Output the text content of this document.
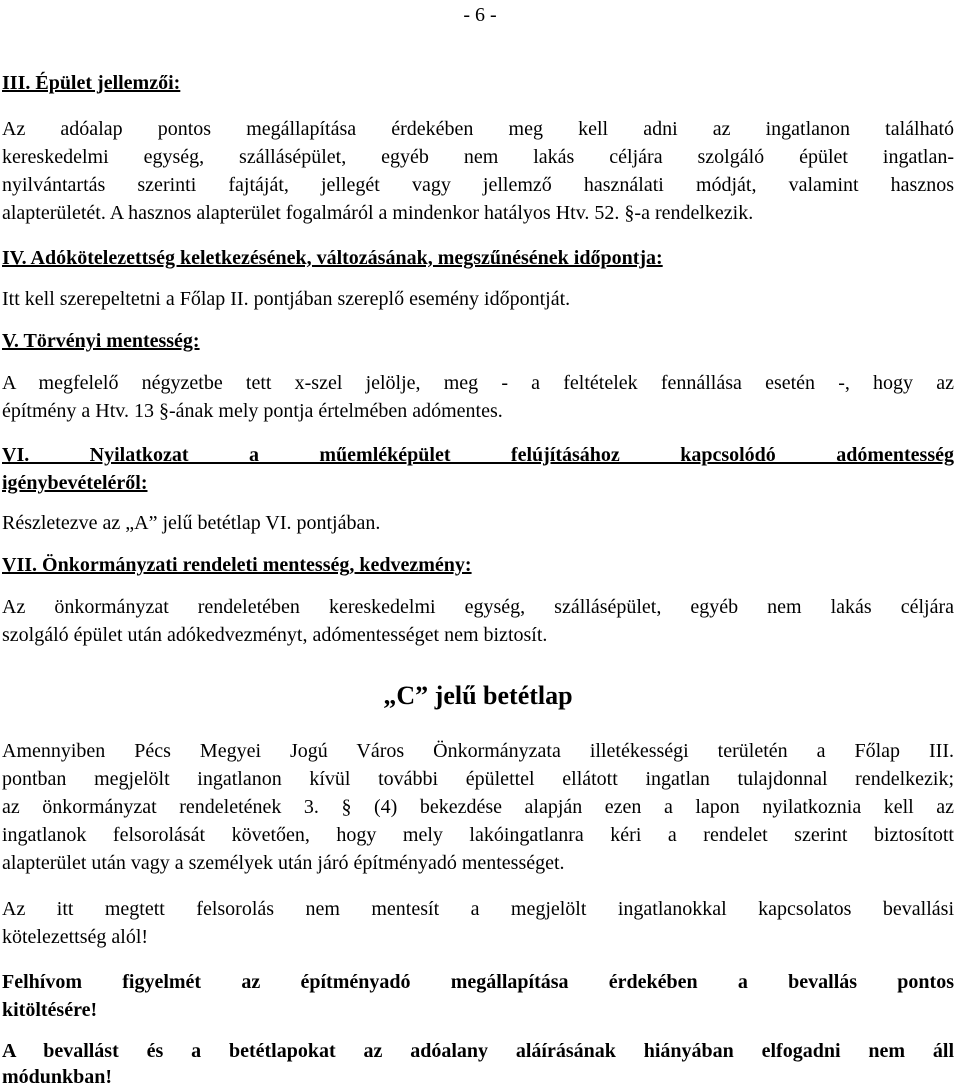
- 6 -
III. Épület jellemzői:
Az adóalap pontos megállapítása érdekében meg kell adni az ingatlanon található
kereskedelmi egység, szállásépület, egyéb nem lakás céljára szolgáló épület ingatlan-
nyilvántartás szerinti fajtáját, jellegét vagy jellemző használati módját, valamint hasznos

alapterületét. A hasznos alapterület fogalmáról a mindenkor hatályos Htv. 52. §-a rendelkezik.

IV. Adókötelezettség keletkezésének, változásának, megszűnésének időpontja:

Itt kell szerepeltetni a Főlap II. pontjában szereplő esemény időpontját.

V. Törvényi mentesség:
A megfelelő négyzetbe tett x-szel jelölje, meg - a feltételek fennállása esetén -, hogy az

építmény a Htv. 13 §-ának mely pontja értelmében adómentes.

VI. Nyilatkozat a műemléképület felújításához kapcsolódó adómentesség
igénybevételéről:

Részletezve az „A” jelű betétlap VI. pontjában.

VII. Önkormányzati rendeleti mentesség, kedvezmény:
Az önkormányzat rendeletében kereskedelmi egység, szállásépület, egyéb nem lakás céljára

szolgáló épület után adókedvezményt, adómentességet nem biztosít.

„C” jelű betétlap
Amennyiben Pécs Megyei Jogú Város Önkormányzata illetékességi területén a Főlap III.
pontban megjelölt ingatlanon kívül további épülettel ellátott ingatlan tulajdonnal rendelkezik;
az önkormányzat rendeletének 3. § (4) bekezdése alapján ezen a lapon nyilatkoznia kell az
ingatlanok felsorolását követően, hogy mely lakóingatlanra kéri a rendelet szerint biztosított

alapterület után vagy a személyek után járó építményadó mentességet.

Az itt megtett felsorolás nem mentesít a megjelölt ingatlanokkal kapcsolatos bevallási

kötelezettség alól!

Felhívom figyelmét az építményadó megállapítása érdekében a bevallás pontos

kitöltésére!

A bevallást és a betétlapokat az adóalany aláírásának hiányában elfogadni nem áll

módunkban!
